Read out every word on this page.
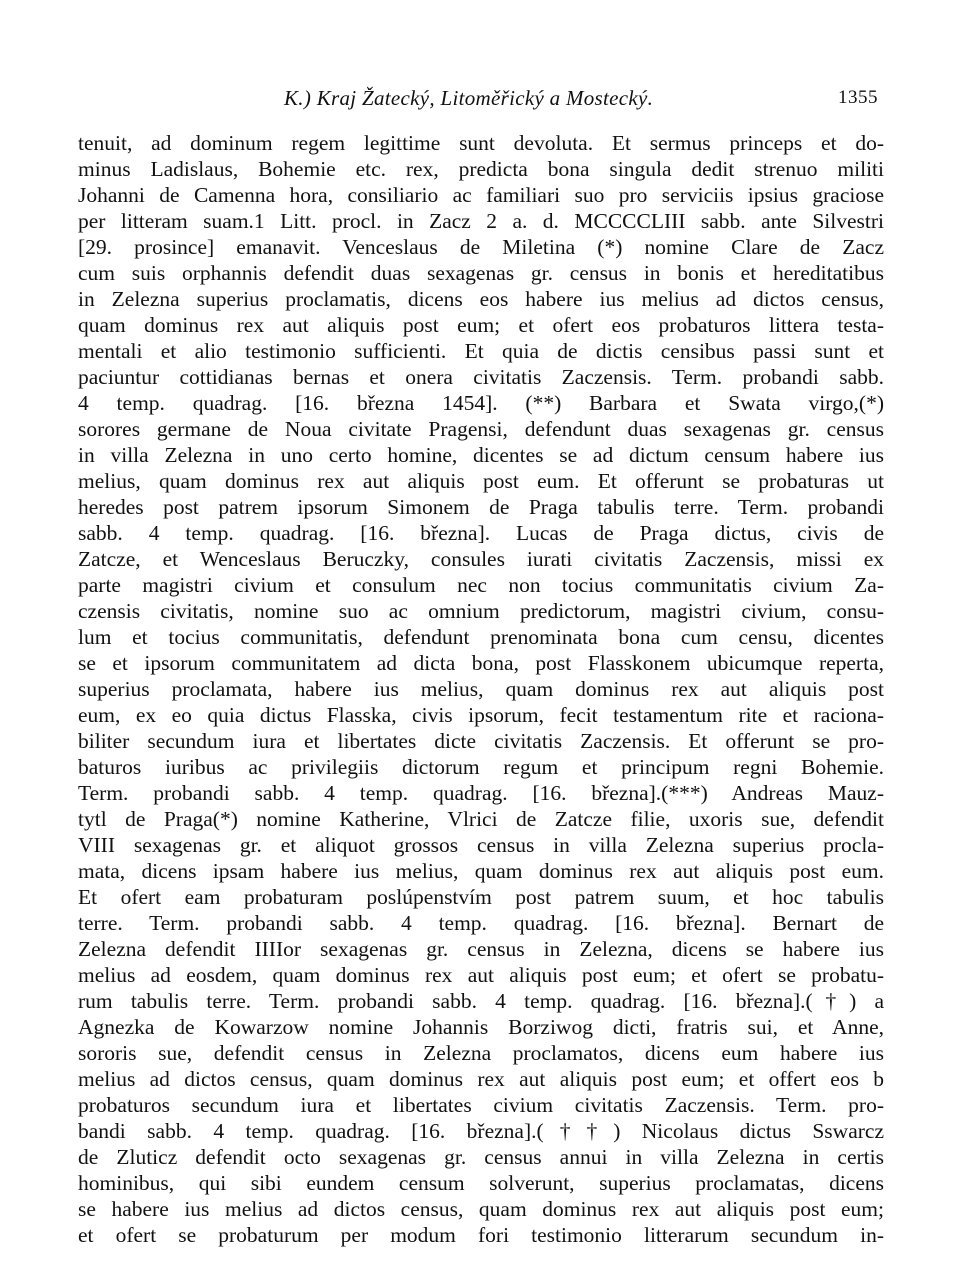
K.) Kraj Žatecký, Litoměřický a Mostecký.	1355
tenuit, ad dominum regem legittime sunt devoluta. Et sermus princeps et do-
minus Ladislaus, Bohemie etc. rex, predicta bona singula dedit strenuo militi
Johanni de Camenna hora, consiliario ac familiari suo pro serviciis ipsius graciose
per litteram suam.1 Litt. procl. in Zacz 2 a. d. MCCCCLIII sabb. ante Silvestri
[29. prosince] emanavit. Venceslaus de Miletina (*) nomine Clare de Zacz
cum suis orphannis defendit duas sexagenas gr. census in bonis et hereditatibus
in Zelezna superius proclamatis, dicens eos habere ius melius ad dictos census,
quam dominus rex aut aliquis post eum; et ofert eos probaturos littera testa-
mentali et alio testimonio sufficienti. Et quia de dictis censibus passi sunt et
paciuntur cottidianas bernas et onera civitatis Zaczensis. Term. probandi sabb.
4 temp. quadrag. [16. března 1454]. (**) Barbara et Swata virgo,(*)
sorores germane de Noua civitate Pragensi, defendunt duas sexagenas gr. census
in villa Zelezna in uno certo homine, dicentes se ad dictum censum habere ius
melius, quam dominus rex aut aliquis post eum. Et offerunt se probaturas ut
heredes post patrem ipsorum Simonem de Praga tabulis terre. Term. probandi
sabb. 4 temp. quadrag. [16. března]. Lucas de Praga dictus, civis de
Zatcze, et Wenceslaus Beruczky, consules iurati civitatis Zaczensis, missi ex
parte magistri civium et consulum nec non tocius communitatis civium Za-
czensis civitatis, nomine suo ac omnium predictorum, magistri civium, consu-
lum et tocius communitatis, defendunt prenominata bona cum censu, dicentes
se et ipsorum communitatem ad dicta bona, post Flasskonem ubicumque reperta,
superius proclamata, habere ius melius, quam dominus rex aut aliquis post
eum, ex eo quia dictus Flasska, civis ipsorum, fecit testamentum rite et raciona-
biliter secundum iura et libertates dicte civitatis Zaczensis. Et offerunt se pro-
baturos iuribus ac privilegiis dictorum regum et principum regni Bohemie.
Term. probandi sabb. 4 temp. quadrag. [16. března].(***) Andreas Mauz-
tytl de Praga(*) nomine Katherine, Vlrici de Zatcze filie, uxoris sue, defendit
VIII sexagenas gr. et aliquot grossos census in villa Zelezna superius procla-
mata, dicens ipsam habere ius melius, quam dominus rex aut aliquis post eum.
Et ofert eam probaturam poslúpenstvím post patrem suum, et hoc tabulis
terre. Term. probandi sabb. 4 temp. quadrag. [16. března]. Bernart de
Zelezna defendit IIIIor sexagenas gr. census in Zelezna, dicens se habere ius
melius ad eosdem, quam dominus rex aut aliquis post eum; et ofert se probatu-
rum tabulis terre. Term. probandi sabb. 4 temp. quadrag. [16. března].(†) a
Agnezka de Kowarzow nomine Johannis Borziwog dicti, fratris sui, et Anne,
sororis sue, defendit census in Zelezna proclamatos, dicens eum habere ius
melius ad dictos census, quam dominus rex aut aliquis post eum; et offert eos b
probaturos secundum iura et libertates civium civitatis Zaczensis. Term. pro-
bandi sabb. 4 temp. quadrag. [16. března].(††) Nicolaus dictus Sswarcz
de Zluticz defendit octo sexagenas gr. census annui in villa Zelezna in certis
hominibus, qui sibi eundem censum solverunt, superius proclamatas, dicens
se habere ius melius ad dictos census, quam dominus rex aut aliquis post eum;
et ofert se probaturum per modum fori testimonio litterarum secundum in-
